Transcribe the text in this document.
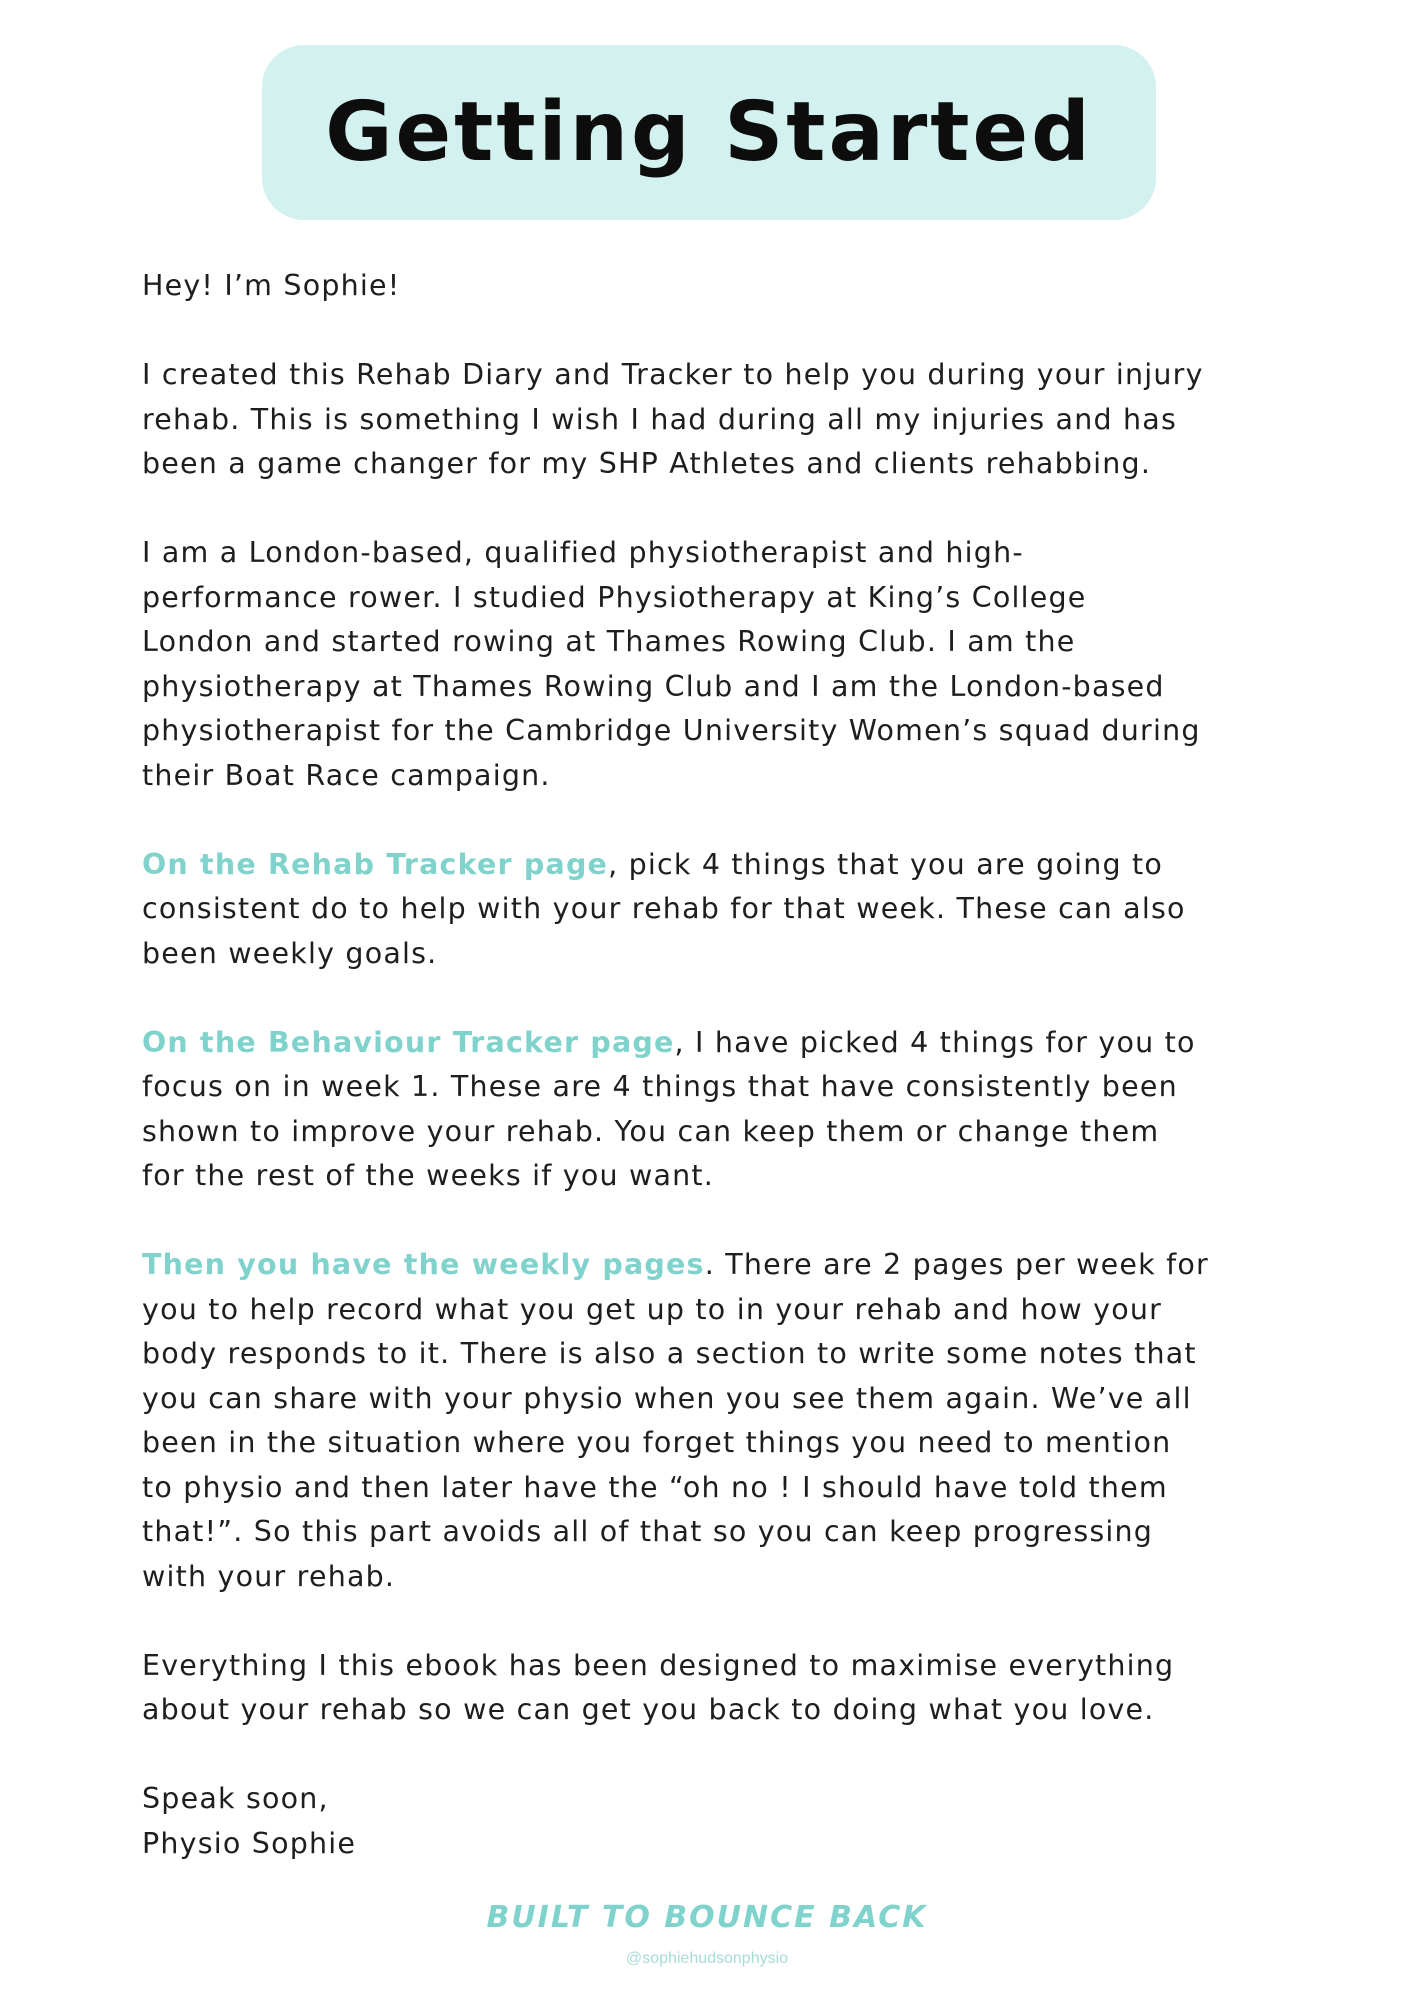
Getting Started

Hey! I’m Sophie!

I created this Rehab Diary and Tracker to help you during your injury
rehab. This is something I wish I had during all my injuries and has
been a game changer for my SHP Athletes and clients rehabbing.

I am a London-based, qualified physiotherapist and high-
performance rower. I studied Physiotherapy at King’s College
London and started rowing at Thames Rowing Club. I am the
physiotherapy at Thames Rowing Club and I am the London-based
physiotherapist for the Cambridge University Women’s squad during
their Boat Race campaign.

On the Rehab Tracker page, pick 4 things that you are going to
consistent do to help with your rehab for that week. These can also
been weekly goals.

On the Behaviour Tracker page, I have picked 4 things for you to
focus on in week 1. These are 4 things that have consistently been
shown to improve your rehab. You can keep them or change them
for the rest of the weeks if you want.

Then you have the weekly pages. There are 2 pages per week for
you to help record what you get up to in your rehab and how your
body responds to it. There is also a section to write some notes that
you can share with your physio when you see them again. We’ve all
been in the situation where you forget things you need to mention
to physio and then later have the “oh no ! I should have told them
that!”. So this part avoids all of that so you can keep progressing
with your rehab.

Everything I this ebook has been designed to maximise everything
about your rehab so we can get you back to doing what you love.

Speak soon,
Physio Sophie

BUILT TO BOUNCE BACK
@sophiehudsonphysio
